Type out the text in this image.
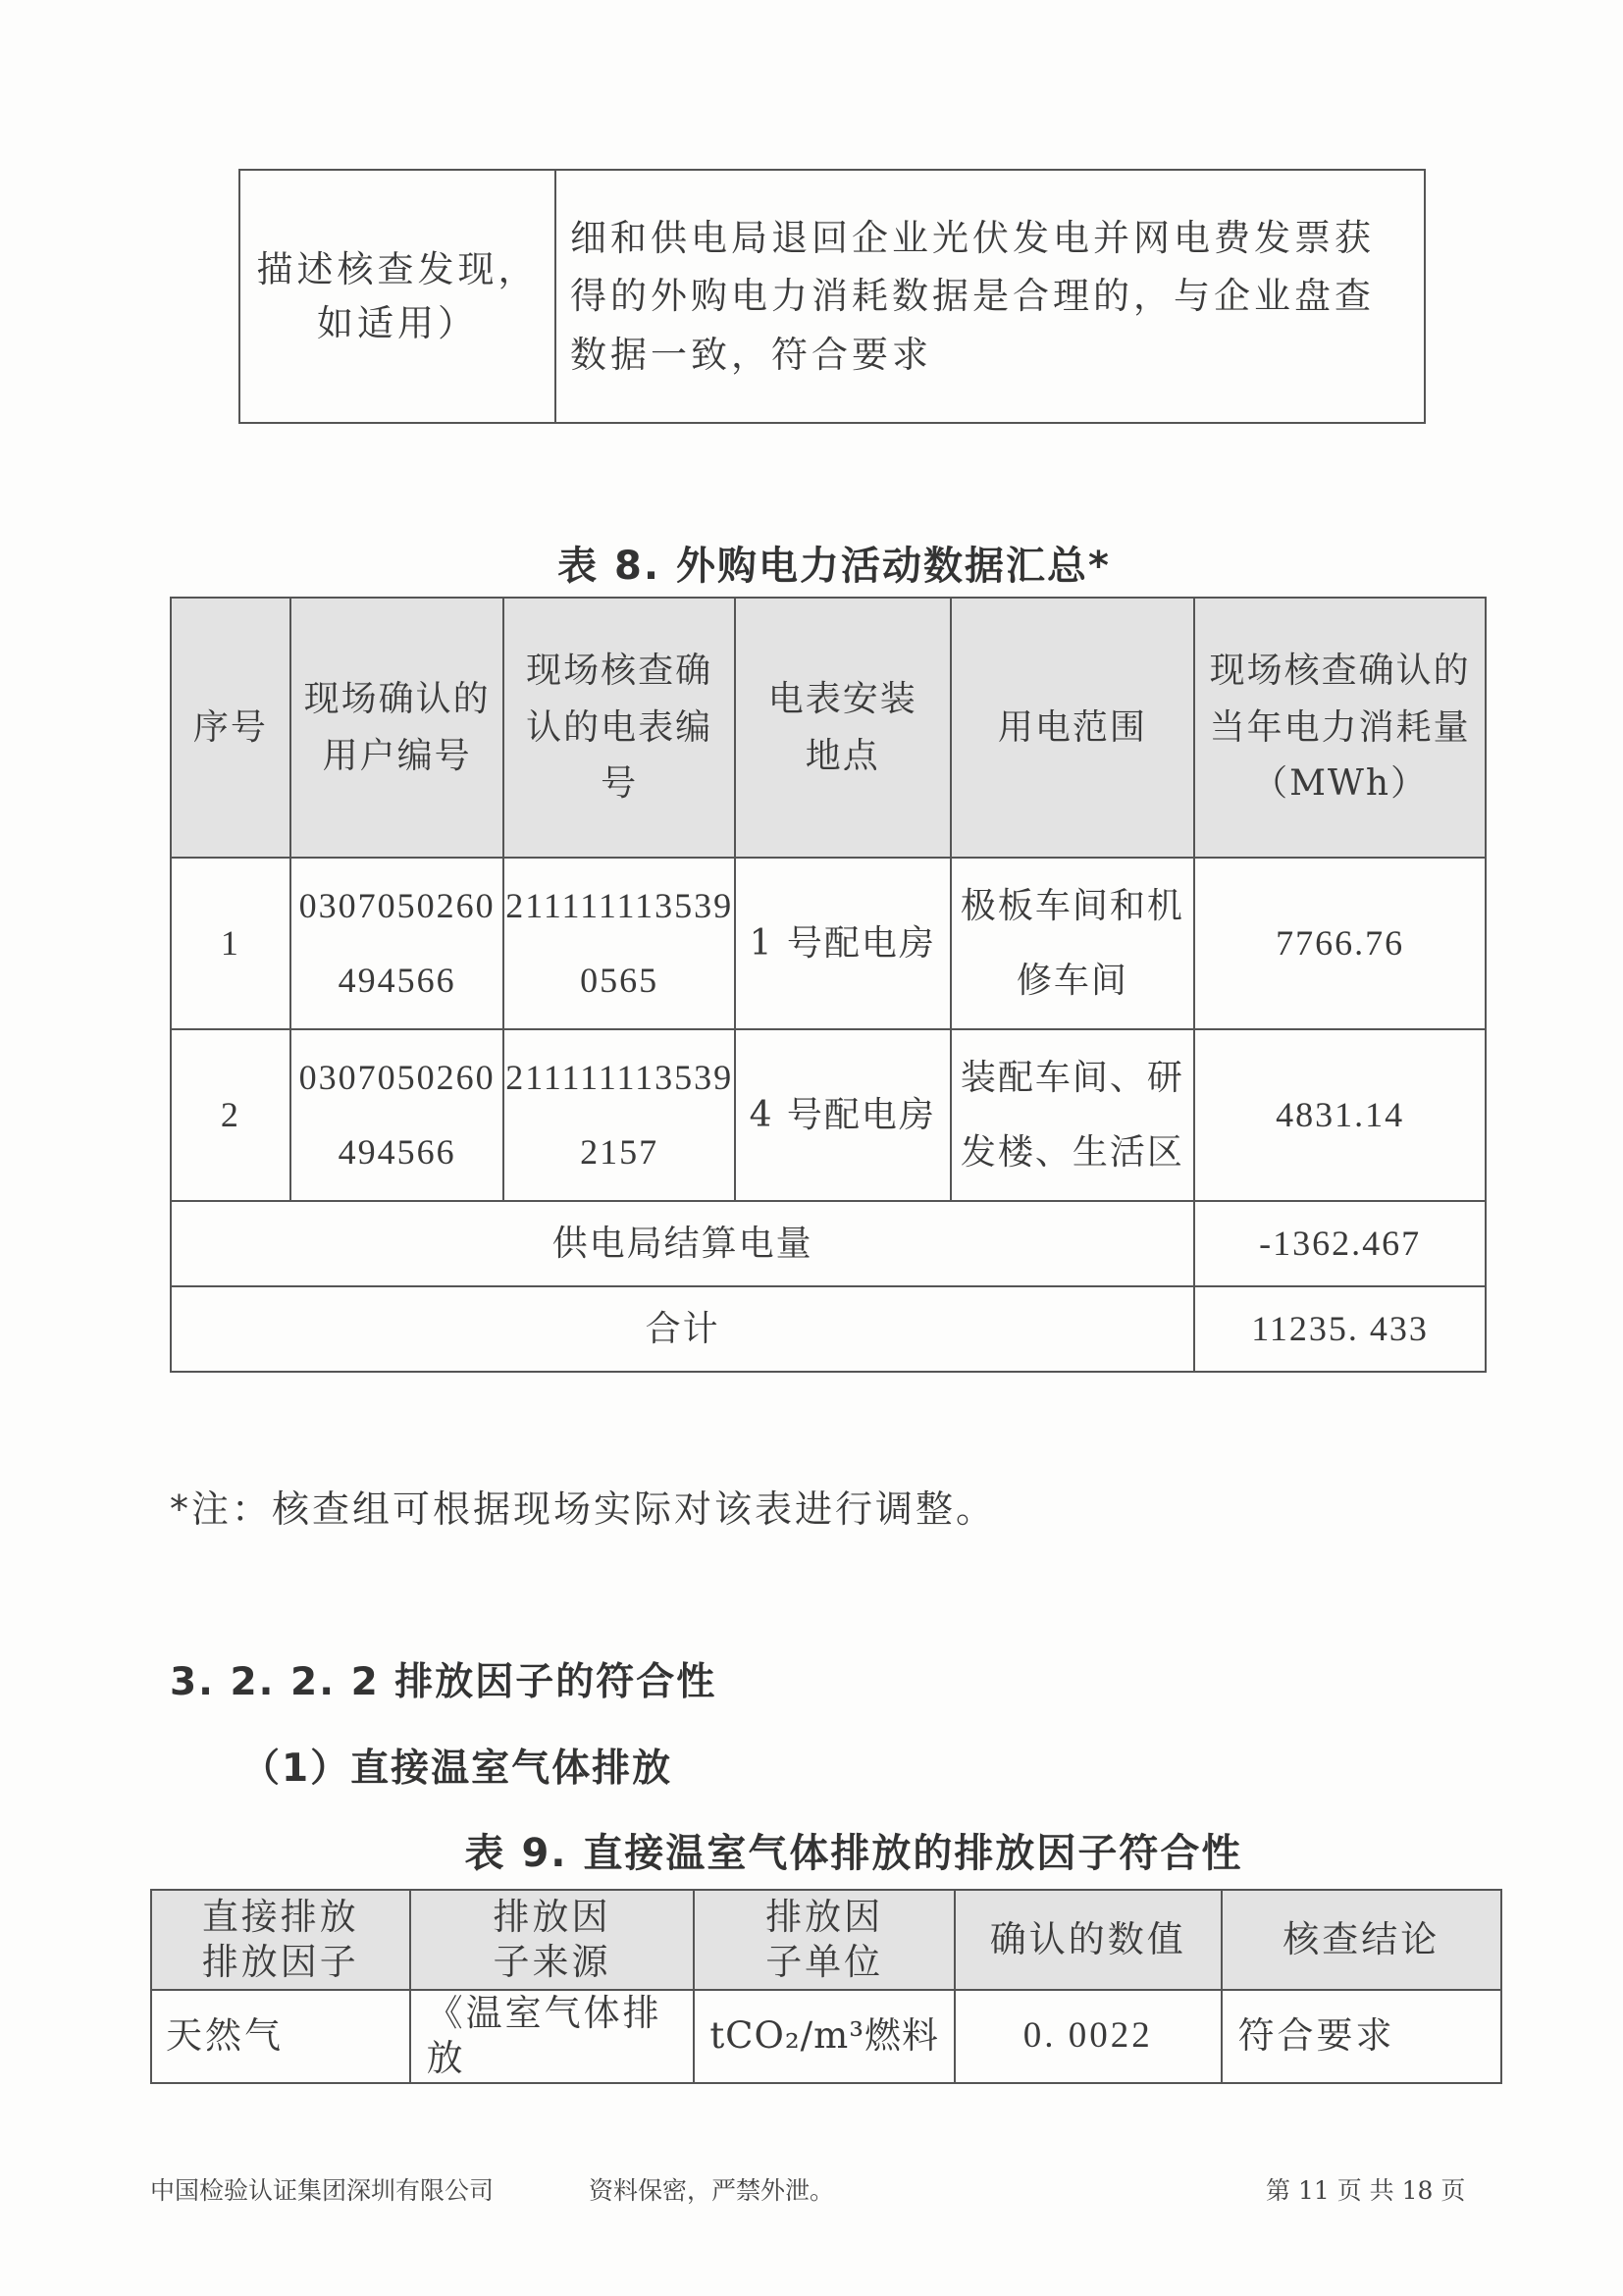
描述核查发现，如适用）	细和供电局退回企业光伏发电并网电费发票获得的外购电力消耗数据是合理的，与企业盘查数据一致，符合要求
表 8. 外购电力活动数据汇总*
序号	现场确认的用户编号	现场核查确认的电表编号	电表安装地点	用电范围	现场核查确认的当年电力消耗量（MWh）
1	0307050260494566	2111111135390565	1 号配电房	极板车间和机修车间	7766.76
2	0307050260494566	2111111135392157	4 号配电房	装配车间、研发楼、生活区	4831.14
供电局结算电量					-1362.467
合计					11235. 433
*注：核查组可根据现场实际对该表进行调整。
3. 2. 2. 2 排放因子的符合性
（1）直接温室气体排放
表 9. 直接温室气体排放的排放因子符合性
直接排放排放因子	排放因子来源	排放因子单位	确认的数值	核查结论
天然气	《温室气体排放	tCO₂/m³燃料	0. 0022	符合要求
中国检验认证集团深圳有限公司	资料保密，严禁外泄。	第 11 页 共 18 页
